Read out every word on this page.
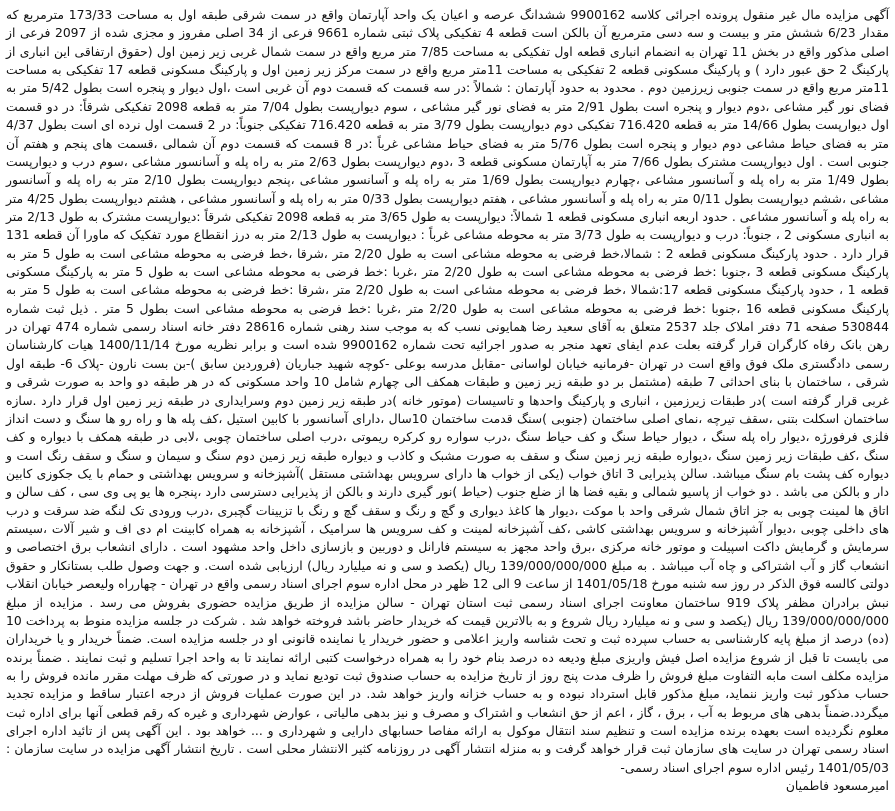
آگهی مزایده مال غیر منقول پرونده اجرائی کلاسه 9900162 ششدانگ عرصه و اعیان یک واحد آپارتمان واقع در سمت شرقی طبقه اول به مساحت 173/33 مترمربع که مقدار 6/23 ششش متر و بیست و سه دسی مترمربع آن بالکن است قطعه 4 تفکیکی پلاک ثبتی شماره 9661 فرعی از 34 اصلی مفروز و مجزی شده از 2097 فرعی از اصلی مذکور واقع در بخش 11 تهران به انضمام انباری قطعه اول تفکیکی به مساحت 7/85 متر مربع واقع در سمت شمال غربی زیر زمین اول (حقوق ارتفاقی این انباری از پارکینگ 2 حق عبور دارد ) و پارکینگ مسکونی قطعه 2 تفکیکی به مساحت 11متر مربع واقع در سمت مرکز زیر زمین اول و پارکینگ مسکونی قطعه 17 تفکیکی به مساحت 11متر مربع واقع در سمت جنوبی زیرزمین دوم . محدود به حدود آپارتمان : شمالاً :در سه قسمت که قسمت دوم آن غربی است ،اول دیوار و پنجره است بطول 5/42 متر به فضای نور گیر مشاعی ،دوم دیوار و پنجره است بطول 2/91 متر به فضای نور گیر مشاعی ، سوم دیوارپست بطول 7/04 متر به قطعه 2098 تفکیکی شرقاً: در دو قسمت اول دیوارپست بطول 14/66 متر به قطعه 716.420 تفکیکی دوم دیوارپست بطول 3/79 متر به قطعه 716.420 تفکیکی جنوباً: در 2 قسمت اول نرده ای است بطول 4/37 متر به فضای حیاط مشاعی دوم دیوار و پنجره است بطول 5/76 متر به فضای حیاط مشاعی غرباً :در 8 قسمت که قسمت دوم آن شمالی ،قسمت های پنجم و هفتم آن جنوبی است . اول دیوارپست مشترک بطول 7/66 متر به آپارتمان مسکونی قطعه 3 ،دوم دیوارپست بطول 2/63 متر به راه پله و آسانسور مشاعی ،سوم درب و دیوارپست بطول 1/49 متر به راه پله و آسانسور مشاعی ،چهارم دیوارپست بطول 1/69 متر به راه پله و آسانسور مشاعی ،پنجم دیوارپست بطول 2/10 متر به راه پله و آسانسور مشاعی ،ششم دیوارپست بطول 0/11 متر به راه پله و آسانسور مشاعی ، هفتم دیوارپست بطول 0/33 متر به راه پله و آسانسور مشاعی ، هشتم دیوارپست بطول 4/25 متر به راه پله و آسانسور مشاعی . حدود اربعه انباری مسکونی قطعه 1 شمالاً: دیوارپست به طول 3/65 متر به قطعه 2098 تفکیکی شرقاً :دیوارپست مشترک به طول 2/13 متر به انباری مسکونی 2 ، جنوباً: درب و دیوارپست به طول 3/73 متر به محوطه مشاعی غرباً : دیوارپست به طول 2/13 متر به درز انقطاع مورد تفکیک که ماورا آن قطعه 131 قرار دارد . حدود پارکینگ مسکونی قطعه 2 : شمالا،خط فرضی به محوطه مشاعی است به طول 2/20 متر ،شرقا ،خط فرضی به محوطه مشاعی است به طول 5 متر به پارکینگ مسکونی قطعه 3 ،جنوبا :خط فرضی به محوطه مشاعی است به طول 2/20 متر ،غربا :خط فرضی به محوطه مشاعی است به طول 5 متر به پارکینگ مسکونی قطعه 1 ، حدود پارکینگ مسکونی قطعه 17:شمالا ،خط فرضی به محوطه مشاعی است به طول 2/20 متر ،شرقا :خط فرضی به محوطه مشاعی است به طول 5 متر به پارکینگ مسکونی قطعه 16 ،جنوبا :خط فرضی به محوطه مشاعی است به طول 2/20 متر ،غربا :خط فرضی به محوطه مشاعی است بطول 5 متر . ذیل ثبت شماره 530844 صفحه 71 دفتر املاک جلد 2537 متعلق به آقای سعید رضا همایونی نسب که به موجب سند رهنی شماره 28616 دفتر خانه اسناد رسمی شماره 474 تهران در رهن بانک رفاه کارگران قرار گرفته بعلت عدم ایفای تعهد منجر به صدور اجرائیه تحت شماره 9900162 شده است و برابر نظریه مورخ 1400/11/14 هیات کارشناسان رسمی دادگستری ملک فوق واقع است در تهران -فرمانیه خیابان لواسانی -مقابل مدرسه بوعلی -کوچه شهید جباریان (فروردین سابق )-بن بست نارون -پلاک 6- طبقه اول شرقی ، ساختمان با بنای احداثی 7 طبقه (مشتمل بر دو طبقه زیر زمین و طبقات همکف الی چهارم شامل 10 واحد مسکونی که در هر طبقه دو واحد به صورت شرقی و غربی قرار گرفته است )در طبقات زیرزمین ، انباری و پارکینگ واحدها و تاسیسات (موتور خانه )در طبقه زیر زمین دوم وسرایداری در طبقه زیر زمین اول قرار دارد .سازه ساختمان اسکلت بتنی ،سقف تیرچه ،نمای اصلی ساختمان (جنوبی )سنگ قدمت ساختمان 10سال ،دارای آسانسور با کابین استیل ،کف پله ها و راه رو ها سنگ و دست انداز فلزی فرفورژه ،دیوار راه پله سنگ ، دیوار حیاط سنگ و کف حیاط سنگ ،درب سواره رو کرکره ریموتی ،درب اصلی ساختمان چوبی ،لابی در طبقه همکف با دیواره و کف سنگ ،کف طبقات زیر زمین سنگ ،دیواره طبقه زیر زمین سنگ و سقف به صورت مشبک و کاذب و دیواره طبقه زیر زمین دوم سنگ و سیمان و سنگ و سقف رنگ است و دیواره کف پشت بام سنگ میباشد. سالن پذیرایی 3 اتاق خواب (یکی از خواب ها دارای سرویس بهداشتی مستقل )آشپزخانه و سرویس بهداشتی و حمام با یک جکوزی کابین دار و بالکن می باشد . دو خواب از پاسیو شمالی و بقیه فضا ها از ضلع جنوب (حیاط )نور گیری دارند و بالکن از پذیرایی دسترسی دارد ،پنجره ها یو پی وی سی ، کف سالن و اتاق ها لمینت چوبی به جز اتاق شمال شرقی واحد با موکت ،دیوار ها کاغذ دیواری و گچ و رنگ و سقف گچ و رنگ با تزیینات گچبری ،درب ورودی تک لنگه ضد سرقت و درب های داخلی چوبی ،دیوار آشپزخانه و سرویس بهداشتی کاشی ،کف آشپزخانه لمینت و کف سرویس ها سرامیک ، آشپزخانه به همراه کابینت ام دی اف و شیر آلات ،سیستم سرمایش و گرمایش داکت اسپیلت و موتور خانه مرکزی ،برق واحد مجهز به سیستم فارانل و دوربین و بازسازی داخل واحد مشهود است . دارای انشعاب برق اختصاصی و انشعاب گاز و آب اشتراکی و چاه آب میباشد . به مبلغ 139/000/000/000 ریال (یکصد و سی و نه میلیارد ریال) ارزیابی شده است. و جهت وصول طلب بستانکار و حقوق دولتی کالسه فوق الذکر در روز سه شنبه مورخ 1401/05/18 از ساعت 9 الی 12 ظهر در محل اداره سوم اجرای اسناد رسمی واقع در تهران - چهارراه ولیعصر خیابان انقلاب نبش برادران مظفر پلاک 919 ساختمان معاونت اجرای اسناد رسمی ثبت استان تهران - سالن مزایده از طریق مزایده حضوری بفروش می رسد . مزایده از مبلغ 139/000/000/000 ریال (یکصد و سی و نه میلیارد ریال شروع و به بالاترین قیمت که خریدار حاضر باشد فروخته خواهد شد . شرکت در جلسه مزایده منوط به پرداخت 10 (ده) درصد از مبلغ پایه کارشناسی به حساب سپرده ثبت و تحت شناسه واریز اعلامی و حضور خریدار یا نماینده قانونی او در جلسه مزایده است. ضمناً خریدار و یا خریداران می بایست تا قبل از شروع مزایده اصل فیش واریزی مبلغ ودیعه ده درصد بنام خود را به همراه درخواست کتبی ارائه نمایند تا به واحد اجرا تسلیم و ثبت نمایند . ضمناً برنده مزایده مکلف است مابه التفاوت مبلغ فروش را ظرف مدت پنج روز از تاریخ مزایده به حساب صندوق ثبت تودیع نماید و در صورتی که ظرف مهلت مقرر مانده فروش را به حساب مذکور ثبت واریز ننماید، مبلغ مذکور قابل استرداد نبوده و به حساب خزانه واریز خواهد شد. در این صورت عملیات فروش از درجه اعتبار ساقط و مزایده تجدید میگردد.ضمناً بدهی های مربوط به آب ، برق ، گاز ، اعم از حق انشعاب و اشتراک و مصرف و نیز بدهی مالیاتی ، عوارض شهرداری و غیره که رقم قطعی آنها برای اداره ثبت معلوم نگردیده است بعهده برنده مزایده است و تنظیم سند انتقال موکول به ارائه مفاصا حسابهای دارایی و شهرداری و ... خواهد بود . این آگهی پس از تائید اداره اجرای اسناد رسمی تهران در سایت های سازمان ثبت قرار خواهد گرفت و به منزله انتشار آگهی در روزنامه کثیر الانتشار محلی است . تاریخ انتشار آگهی مزایده در سایت سازمان : 1401/05/03 رئیس اداره سوم اجرای اسناد رسمی-

امیرمسعود فاطمیان
